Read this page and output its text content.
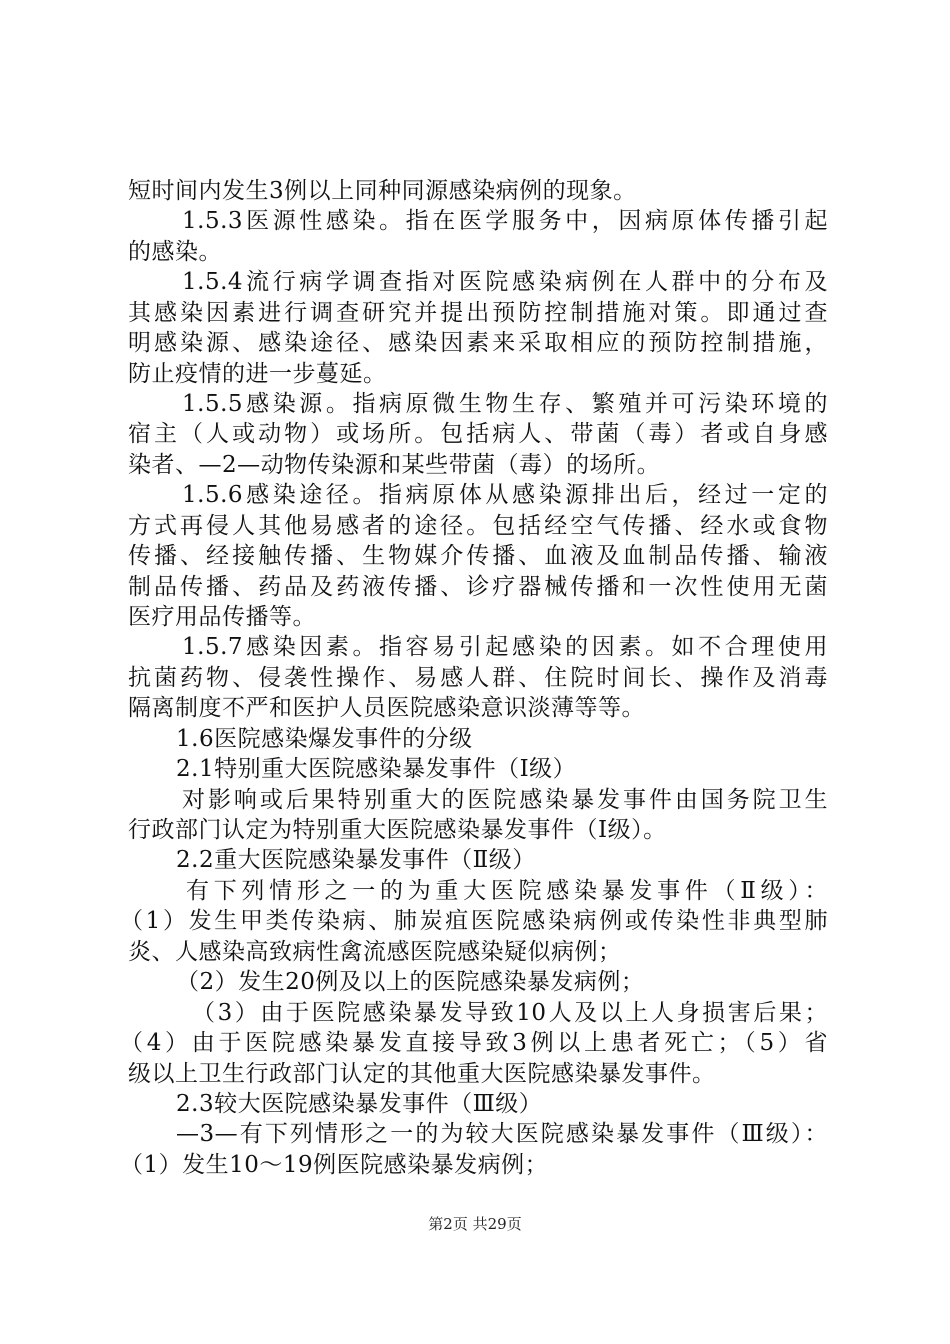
短时间内发生3例以上同种同源感染病例的现象。
1.5.3医源性感染。指在医学服务中，因病原体传播引起
的感染。
1.5.4流行病学调查指对医院感染病例在人群中的分布及
其感染因素进行调查研究并提出预防控制措施对策。即通过查
明感染源、感染途径、感染因素来采取相应的预防控制措施，
防止疫情的进一步蔓延。
1.5.5感染源。指病原微生物生存、繁殖并可污染环境的
宿主（人或动物）或场所。包括病人、带菌（毒）者或自身感
染者、—2—动物传染源和某些带菌（毒）的场所。
1.5.6感染途径。指病原体从感染源排出后，经过一定的
方式再侵人其他易感者的途径。包括经空气传播、经水或食物
传播、经接触传播、生物媒介传播、血液及血制品传播、输液
制品传播、药品及药液传播、诊疗器械传播和一次性使用无菌
医疗用品传播等。
1.5.7感染因素。指容易引起感染的因素。如不合理使用
抗菌药物、侵袭性操作、易感人群、住院时间长、操作及消毒
隔离制度不严和医护人员医院感染意识淡薄等等。
1.6医院感染爆发事件的分级
2.1特别重大医院感染暴发事件（Ⅰ级）
对影响或后果特别重大的医院感染暴发事件由国务院卫生
行政部门认定为特别重大医院感染暴发事件（Ⅰ级）。
2.2重大医院感染暴发事件（Ⅱ级）
有下列情形之一的为重大医院感染暴发事件（Ⅱ级）：
（1）发生甲类传染病、肺炭疽医院感染病例或传染性非典型肺
炎、人感染高致病性禽流感医院感染疑似病例；
（2）发生20例及以上的医院感染暴发病例；
（3）由于医院感染暴发导致10人及以上人身损害后果；
（4）由于医院感染暴发直接导致3例以上患者死亡；（5）省
级以上卫生行政部门认定的其他重大医院感染暴发事件。
2.3较大医院感染暴发事件（Ⅲ级）
—3—有下列情形之一的为较大医院感染暴发事件（Ⅲ级）：
（1）发生10～19例医院感染暴发病例；
第2页 共29页
